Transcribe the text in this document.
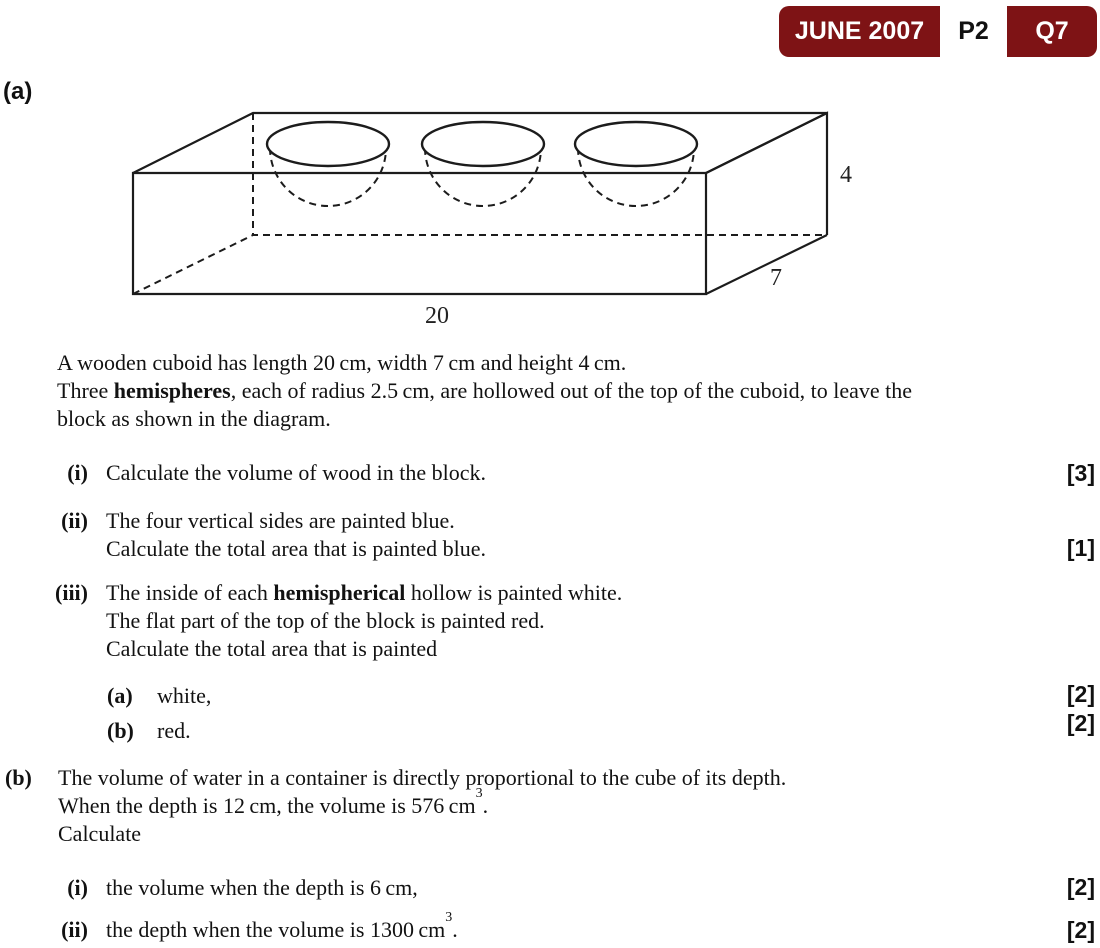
JUNE 2007	P2	Q7
(a)
4
7
20
A wooden cuboid has length 20 cm, width 7 cm and height 4 cm.
Three hemispheres, each of radius 2.5 cm, are hollowed out of the top of the cuboid, to leave the
block as shown in the diagram.
(i) Calculate the volume of wood in the block.	[3]
(ii) The four vertical sides are painted blue.
Calculate the total area that is painted blue.	[1]
(iii) The inside of each hemispherical hollow is painted white.
The flat part of the top of the block is painted red.
Calculate the total area that is painted
(a) white,	[2]
(b) red.	[2]
(b) The volume of water in a container is directly proportional to the cube of its depth.
When the depth is 12 cm, the volume is 576 $cm^3$.
Calculate
(i) the volume when the depth is 6 cm,	[2]
(ii) the depth when the volume is 1300 $cm^3$.	[2]
